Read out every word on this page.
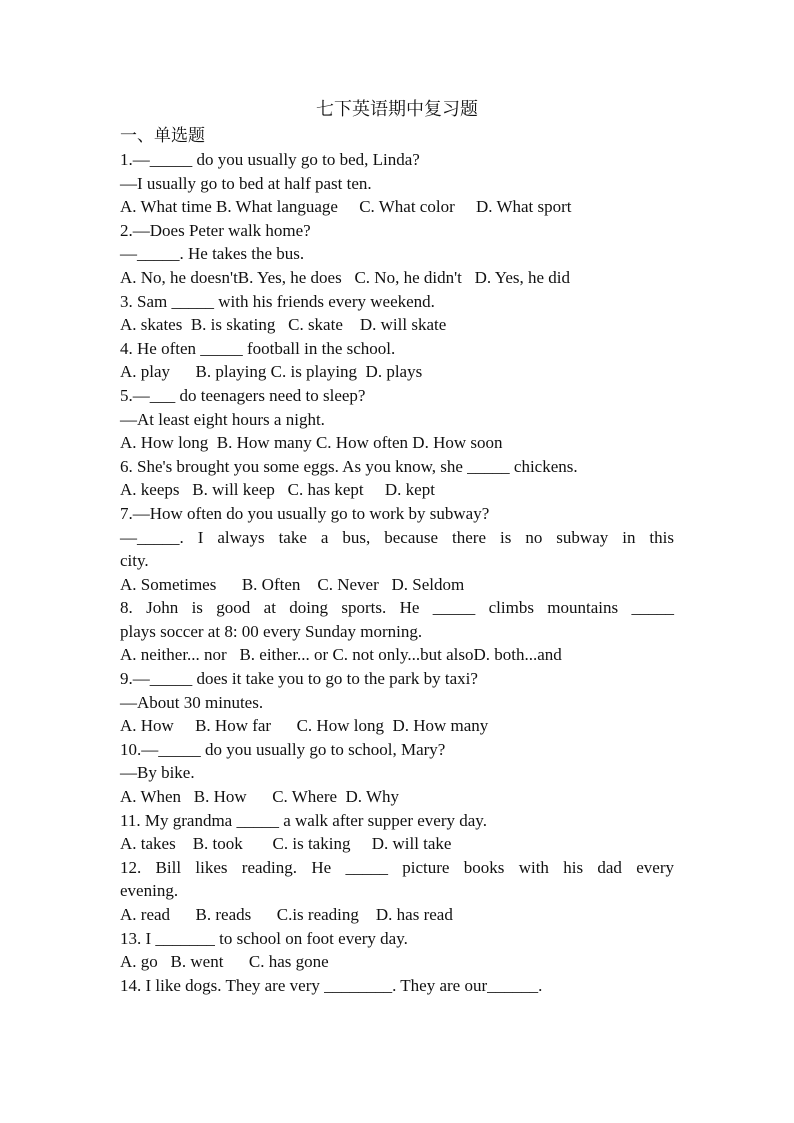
七下英语期中复习题

一、单选题

1.—_____ do you usually go to bed, Linda?

—I usually go to bed at half past ten.

A. What time B. What language     C. What color     D. What sport

2.—Does Peter walk home?

—_____. He takes the bus.

A. No, he doesn'tB. Yes, he does   C. No, he didn't   D. Yes, he did

3. Sam _____ with his friends every weekend.

A. skates  B. is skating   C. skate    D. will skate

4. He often _____ football in the school.

A. play      B. playing C. is playing  D. plays

5.—___ do teenagers need to sleep?

—At least eight hours a night.

A. How long  B. How many C. How often D. How soon

6. She's brought you some eggs. As you know, she _____ chickens.

A. keeps   B. will keep   C. has kept     D. kept

7.—How often do you usually go to work by subway?

—_____. I always take a bus, because there is no subway in this

city.

A. Sometimes      B. Often    C. Never   D. Seldom

8. John is good at doing sports. He _____ climbs mountains _____

plays soccer at 8: 00 every Sunday morning.

A. neither... nor   B. either... or C. not only...but alsoD. both...and

9.—_____ does it take you to go to the park by taxi?

—About 30 minutes.

A. How     B. How far      C. How long  D. How many

10.—_____ do you usually go to school, Mary?

—By bike.

A. When   B. How      C. Where  D. Why

11. My grandma _____ a walk after supper every day.

A. takes    B. took       C. is taking     D. will take

12. Bill likes reading. He _____ picture books with his dad every

evening.

A. read      B. reads      C.is reading    D. has read

13. I _______ to school on foot every day.

A. go   B. went      C. has gone

14. I like dogs. They are very ________. They are our______.
